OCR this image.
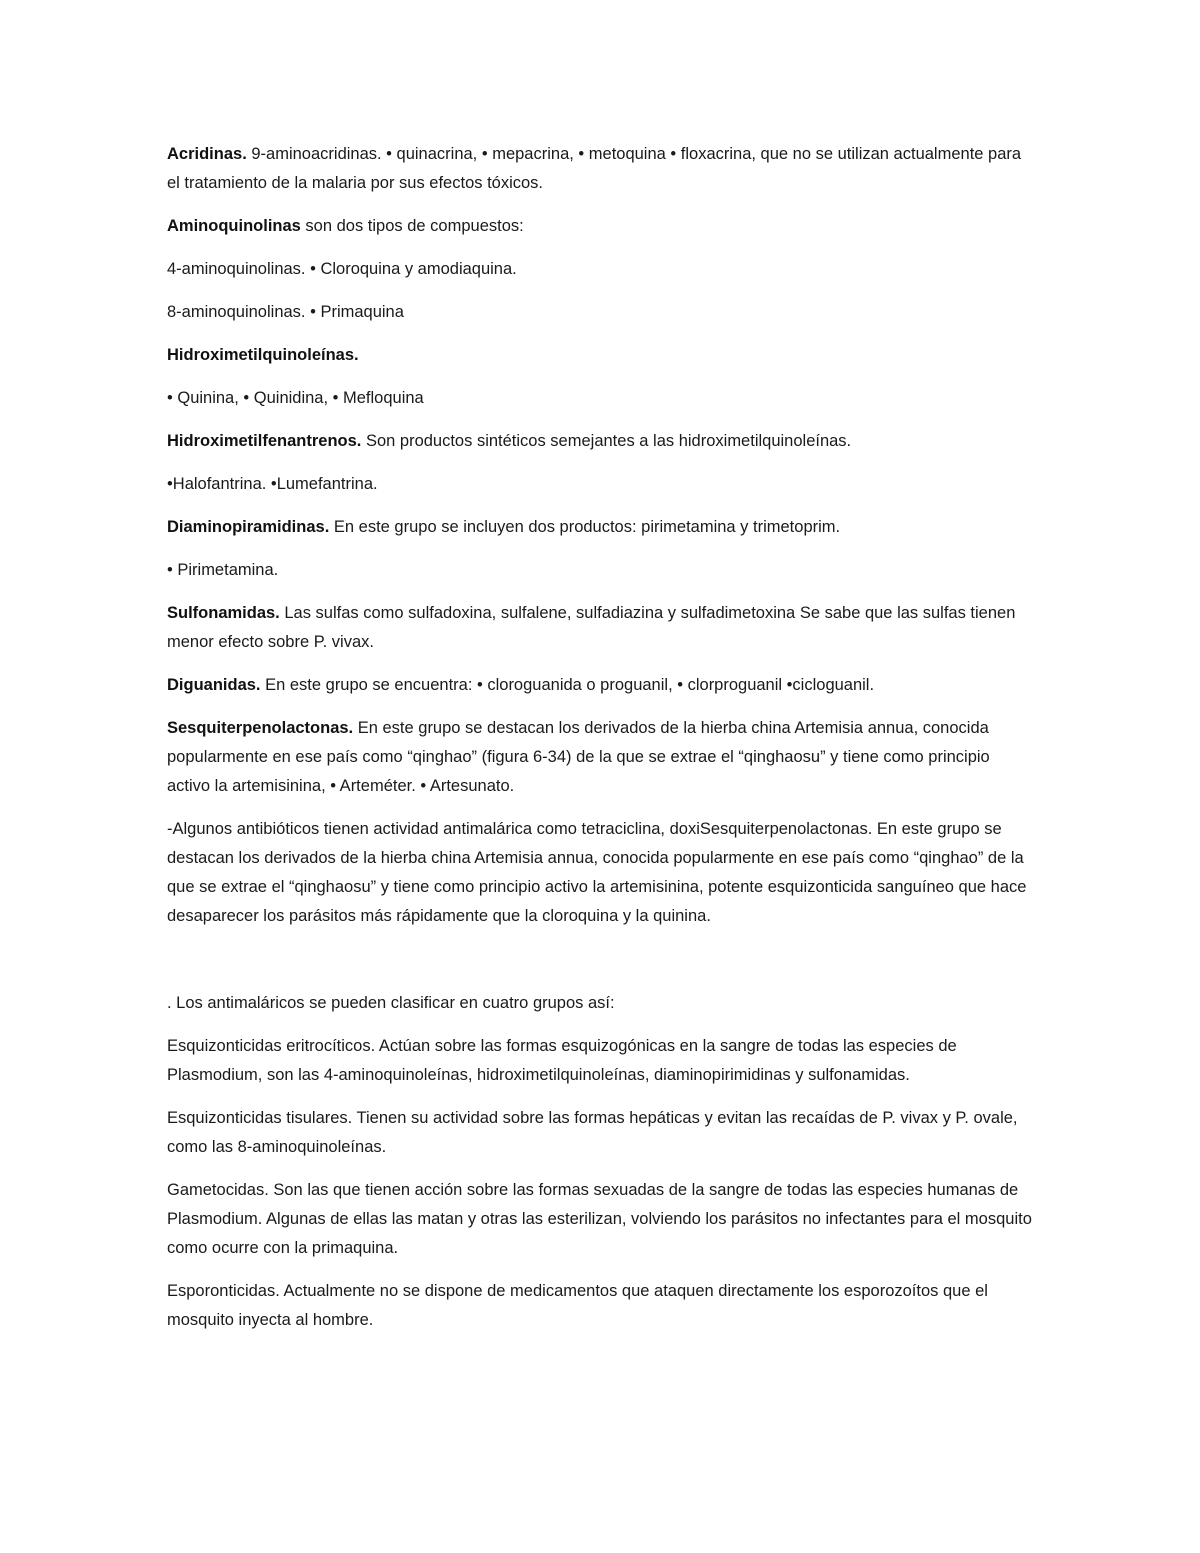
Acridinas. 9-aminoacridinas. • quinacrina, • mepacrina, • metoquina • floxacrina, que no se utilizan actualmente para el tratamiento de la malaria por sus efectos tóxicos.

Aminoquinolinas son dos tipos de compuestos:

4-aminoquinolinas. • Cloroquina y amodiaquina.

8-aminoquinolinas. • Primaquina

Hidroximetilquinoleínas.

• Quinina, • Quinidina, • Mefloquina

Hidroximetilfenantrenos. Son productos sintéticos semejantes a las hidroximetilquinoleínas.

•Halofantrina. •Lumefantrina.

Diaminopiramidinas. En este grupo se incluyen dos productos: pirimetamina y trimetoprim.

• Pirimetamina.

Sulfonamidas. Las sulfas como sulfadoxina, sulfalene, sulfadiazina y sulfadimetoxina Se sabe que las sulfas tienen menor efecto sobre P. vivax.

Diguanidas. En este grupo se encuentra: • cloroguanida o proguanil, • clorproguanil •cicloguanil.

Sesquiterpenolactonas. En este grupo se destacan los derivados de la hierba china Artemisia annua, conocida popularmente en ese país como “qinghao” (figura 6-34) de la que se extrae el “qinghaosu” y tiene como principio activo la artemisinina, • Arteméter. • Artesunato.

-Algunos antibióticos tienen actividad antimalárica como tetraciclina, doxiSesquiterpenolactonas. En este grupo se destacan los derivados de la hierba china Artemisia annua, conocida popularmente en ese país como “qinghao” de la que se extrae el “qinghaosu” y tiene como principio activo la artemisinina, potente esquizonticida sanguíneo que hace desaparecer los parásitos más rápidamente que la cloroquina y la quinina.

. Los antimaláricos se pueden clasificar en cuatro grupos así:

Esquizonticidas eritrocíticos. Actúan sobre las formas esquizogónicas en la sangre de todas las especies de Plasmodium, son las 4-aminoquinoleínas, hidroximetilquinoleínas, diaminopirimidinas y sulfonamidas.

Esquizonticidas tisulares. Tienen su actividad sobre las formas hepáticas y evitan las recaídas de P. vivax y P. ovale, como las 8-aminoquinoleínas.

Gametocidas. Son las que tienen acción sobre las formas sexuadas de la sangre de todas las especies humanas de Plasmodium. Algunas de ellas las matan y otras las esterilizan, volviendo los parásitos no infectantes para el mosquito como ocurre con la primaquina.

Esporonticidas. Actualmente no se dispone de medicamentos que ataquen directamente los esporozoítos que el mosquito inyecta al hombre.
